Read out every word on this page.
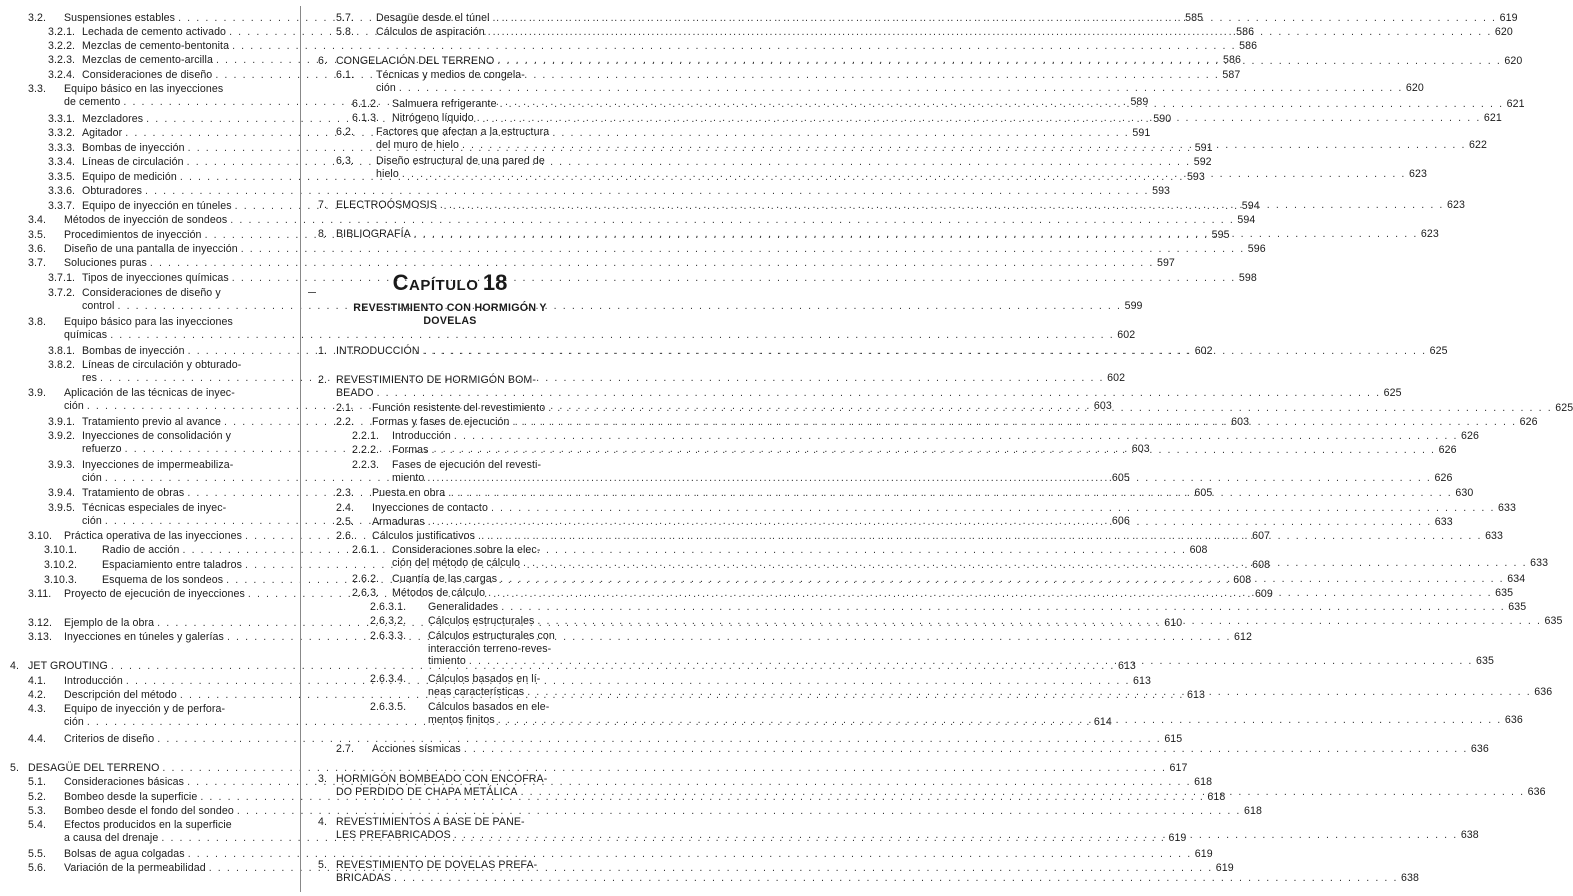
3.2. Suspensiones estables . . .	585
3.2.1. Lechada de cemento activado . . .	586
3.2.2. Mezclas de cemento-bentonita . . .	586
3.2.3. Mezclas de cemento-arcilla . . .	586
3.2.4. Consideraciones de diseño . . .	587
3.3. Equipo básico en las inyecciones
de cemento . . .	589
3.3.1. Mezcladores . . .	590
3.3.2. Agitador . . .	591
3.3.3. Bombas de inyección . . .	591
3.3.4. Líneas de circulación . . .	592
3.3.5. Equipo de medición . . .	593
3.3.6. Obturadores . . .	593
3.3.7. Equipo de inyección en túneles . . .	594
3.4. Métodos de inyección de sondeos . . .	594
3.5. Procedimientos de inyección . . .	595
3.6. Diseño de una pantalla de inyección . . .	596
3.7. Soluciones puras . . .	597
3.7.1. Tipos de inyecciones químicas . . .	598
3.7.2. Consideraciones de diseño y
control . . .	599
3.8. Equipo básico para las inyecciones
químicas . . .	602
3.8.1. Bombas de inyección . . .	602
3.8.2. Líneas de circulación y obturado-
res . . .	602
3.9. Aplicación de las técnicas de inyec-
ción . . .	603
3.9.1. Tratamiento previo al avance . . .	603
3.9.2. Inyecciones de consolidación y
refuerzo . . .	603
3.9.3. Inyecciones de impermeabiliza-
ción . . .	605
3.9.4. Tratamiento de obras . . .	605
3.9.5. Técnicas especiales de inyec-
ción . . .	606
3.10. Práctica operativa de las inyecciones . . .	607
3.10.1. Radio de acción . . .	608
3.10.2. Espaciamiento entre taladros . . .	608
3.10.3. Esquema de los sondeos . . .	608
3.11. Proyecto de ejecución de inyecciones . . .	609
3.12. Ejemplo de la obra . . .	610
3.13. Inyecciones en túneles y galerías . . .	612
4. JET GROUTING . . .	613
4.1. Introducción . . .	613
4.2. Descripción del método . . .	613
4.3. Equipo de inyección y de perfora-
ción . . .	614
4.4. Criterios de diseño . . .	615
5. DESAGÜE DEL TERRENO . . .	617
5.1. Consideraciones básicas . . .	618
5.2. Bombeo desde la superficie . . .	618
5.3. Bombeo desde el fondo del sondeo . . .	618
5.4. Efectos producidos en la superficie
a causa del drenaje . . .	619
5.5. Bolsas de agua colgadas . . .	619
5.6. Variación de la permeabilidad . . .	619
CAPÍTULO 18
REVESTIMIENTO CON HORMIGÓN Y DOVELAS
5.7. Desagüe desde el túnel . . .	619
5.8. Cálculos de aspiración . . .	620
6. CONGELACIÓN DEL TERRENO . . .	620
6.1. Técnicas y medios de congela-
ción . . .	620
6.1.2. Salmuera refrigerante . . .	621
6.1.3. Nitrógeno líquido . . .	621
6.2. Factores que afectan a la estructura
del muro de hielo . . .	622
6.3. Diseño estructural de una pared de
hielo . . .	623
7. ELECTROÓSMOSIS . . .	623
8. BIBLIOGRAFÍA . . .	623
1. INTRODUCCIÓN . . .	625
2. REVESTIMIENTO DE HORMIGÓN BOM-
BEADO . . .	625
2.1. Función resistente del revestimiento . . .	625
2.2. Formas y fases de ejecución . . .	626
2.2.1. Introducción . . .	626
2.2.2. Formas . . .	626
2.2.3. Fases de ejecución del revesti-
miento . . .	626
2.3. Puesta en obra . . .	630
2.4. Inyecciones de contacto . . .	633
2.5. Armaduras . . .	633
2.6. Cálculos justificativos . . .	633
2.6.1. Consideraciones sobre la elec-
ción del método de cálculo . . .	633
2.6.2. Cuantía de las cargas . . .	634
2.6.3. Métodos de cálculo . . .	635
2.6.3.1. Generalidades . . .	635
2.6.3.2. Cálculos estructurales . . .	635
2.6.3.3. Cálculos estructurales con
interacción terreno-reves-
timiento . . .	635
2.6.3.4. Cálculos basados en lí-
neas características . . .	636
2.6.3.5. Cálculos basados en ele-
mentos finitos . . .	636
2.7. Acciones sísmicas . . .	636
3. HORMIGÓN BOMBEADO CON ENCOFRA-
DO PERDIDO DE CHAPA METÁLICA . . .	636
4. REVESTIMIENTOS A BASE DE PANE-
LES PREFABRICADOS . . .	638
5. REVESTIMIENTO DE DOVELAS PREFA-
BRICADAS . . .	638
